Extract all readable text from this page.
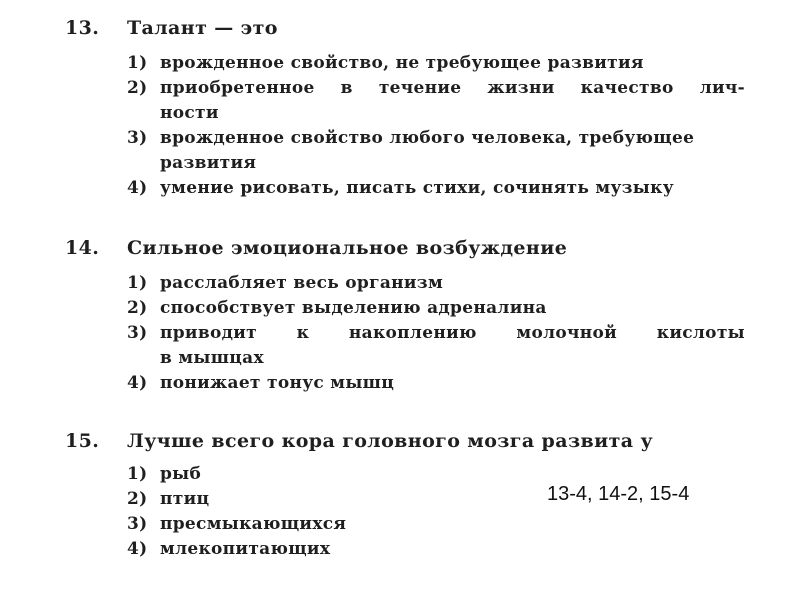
13. Талант — это
1) врожденное свойство, не требующее развития
2) приобретенное в течение жизни качество лич-
ности
3) врожденное свойство любого человека, требующее
развития
4) умение рисовать, писать стихи, сочинять музыку
14. Сильное эмоциональное возбуждение
1) расслабляет весь организм
2) способствует выделению адреналина
3) приводит к накоплению молочной кислоты
в мышцах
4) понижает тонус мышц
15. Лучше всего кора головного мозга развита у
1) рыб
2) птиц
3) пресмыкающихся
4) млекопитающих
13-4, 14-2, 15-4
